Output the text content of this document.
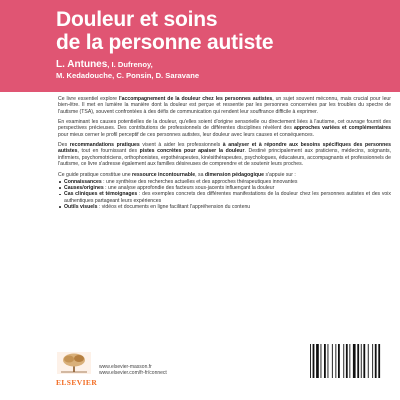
Douleur et soins
de la personne autiste
L. Antunes, I. Dufrenoy,
M. Kedadouche, C. Ponsin, D. Saravane

Ce livre essentiel explore l'accompagnement de la douleur chez les personnes autistes, un sujet souvent méconnu, mais crucial pour leur bien-être. Il met en lumière la manière dont la douleur est perçue et ressentie par les personnes concernées par les troubles du spectre de l'autisme (TSA), souvent confrontées à des défis de communication qui rendent leur souffrance difficile à exprimer.

En examinant les causes potentielles de la douleur, qu'elles soient d'origine sensorielle ou directement liées à l'autisme, cet ouvrage fournit des perspectives précieuses. Des contributions de professionnels de différentes disciplines révèlent des approches variées et complémentaires pour mieux cerner le profil perceptif de ces personnes autistes, leur douleur avec leurs causes et conséquences.

Des recommandations pratiques visent à aider les professionnels à analyser et à répondre aux besoins spécifiques des personnes autistes, tout en fournissant des pistes concrètes pour apaiser la douleur. Destiné principalement aux praticiens, médecins, soignants, infirmiers, psychomotriciens, orthophonistes, ergothérapeutes, kinésithérapeutes, psychologues, éducateurs, accompagnants et professionnels de l'autisme, ce livre s'adresse également aux familles désireuses de comprendre et de soutenir leurs proches.

Ce guide pratique constitue une ressource incontournable, sa dimension pédagogique s'appuie sur :

Connaissances : une synthèse des recherches actuelles et des approches thérapeutiques innovantes
Causes/origines : une analyse approfondie des facteurs sous-jacents influençant la douleur
Cas cliniques et témoignages : des exemples concrets des différentes manifestations de la douleur chez les personnes autistes et des voix authentiques partageant leurs expériences
Outils visuels : vidéos et documents en ligne facilitant l'appréhension du contenu
www.elsevier-masson.fr
www.elsevier.com/fr-fr/connect
ELSEVIER
